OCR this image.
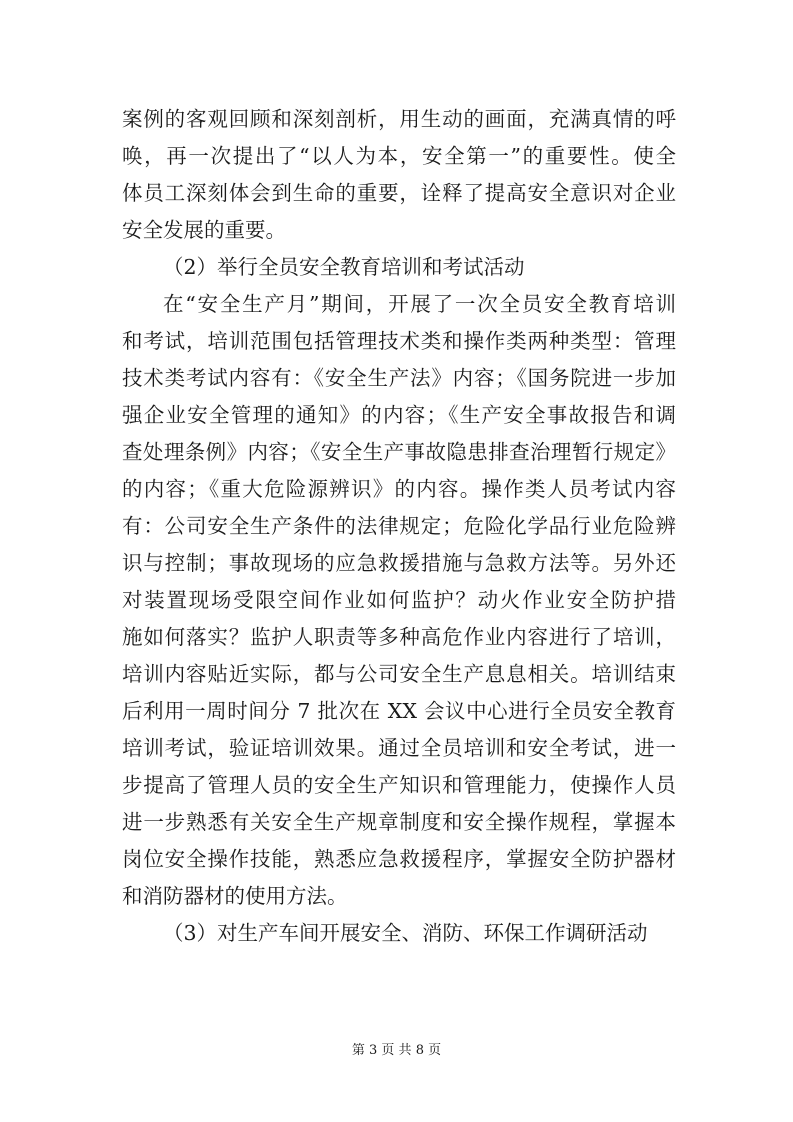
案例的客观回顾和深刻剖析，用生动的画面，充满真情的呼
唤，再一次提出了“以人为本，安全第一”的重要性。使全
体员工深刻体会到生命的重要，诠释了提高安全意识对企业
安全发展的重要。
（2）举行全员安全教育培训和考试活动
在“安全生产月”期间，开展了一次全员安全教育培训
和考试，培训范围包括管理技术类和操作类两种类型：管理
技术类考试内容有：《安全生产法》内容；《国务院进一步加
强企业安全管理的通知》的内容；《生产安全事故报告和调
查处理条例》内容；《安全生产事故隐患排查治理暂行规定》
的内容；《重大危险源辨识》的内容。操作类人员考试内容
有：公司安全生产条件的法律规定；危险化学品行业危险辨
识与控制；事故现场的应急救援措施与急救方法等。另外还
对装置现场受限空间作业如何监护？动火作业安全防护措
施如何落实？监护人职责等多种高危作业内容进行了培训，
培训内容贴近实际，都与公司安全生产息息相关。培训结束
后利用一周时间分 7 批次在 XX 会议中心进行全员安全教育
培训考试，验证培训效果。通过全员培训和安全考试，进一
步提高了管理人员的安全生产知识和管理能力，使操作人员
进一步熟悉有关安全生产规章制度和安全操作规程，掌握本
岗位安全操作技能，熟悉应急救援程序，掌握安全防护器材
和消防器材的使用方法。
（3）对生产车间开展安全、消防、环保工作调研活动
第 3 页 共 8 页
